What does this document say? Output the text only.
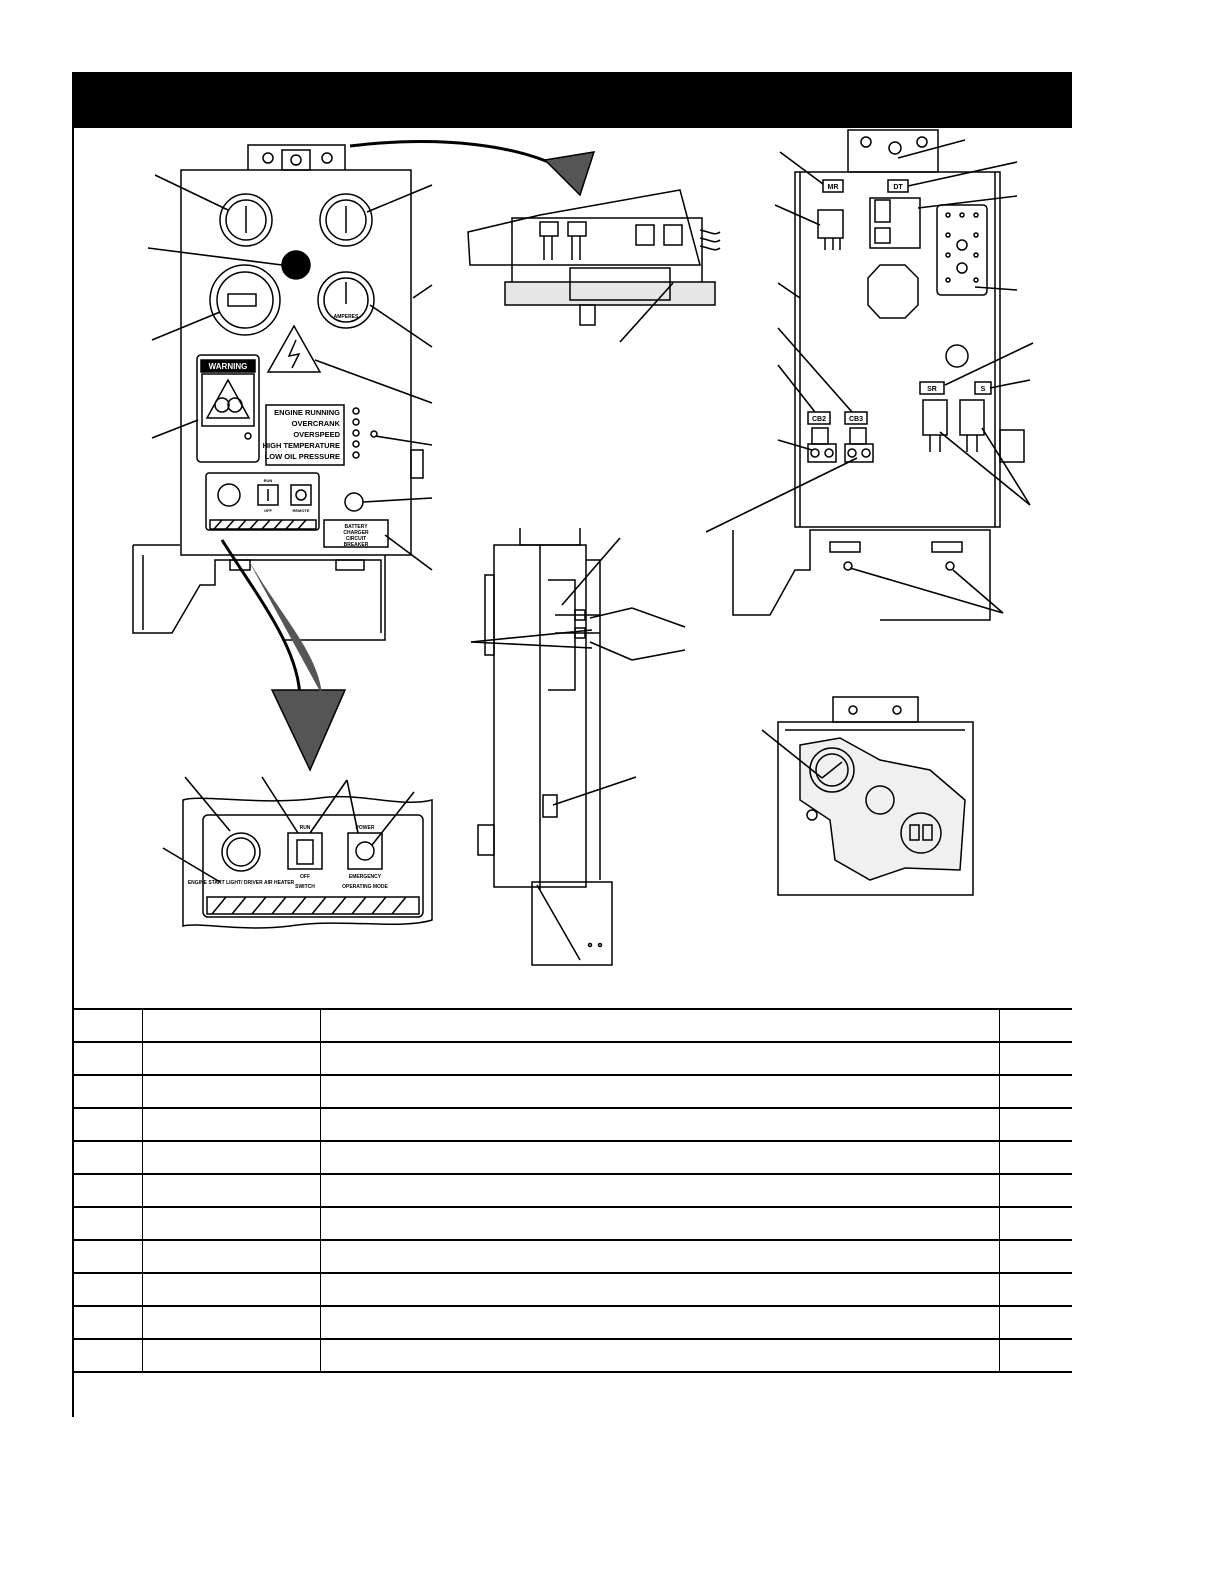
AMPERES
WARNING
ENGINE RUNNING
OVERCRANK
OVERSPEED
HIGH TEMPERATURE
LOW OIL PRESSURE
RUN
OFF	REMOTE
BATTERY
CHARGER
CIRCUIT
BREAKER
MR	DT
SR	S
CB2	CB3
ENGINE START LIGHT/ DRIVER AIR HEATER
RUN
OFF
SWITCH
POWER
EMERGENCY
OPERATING MODE
